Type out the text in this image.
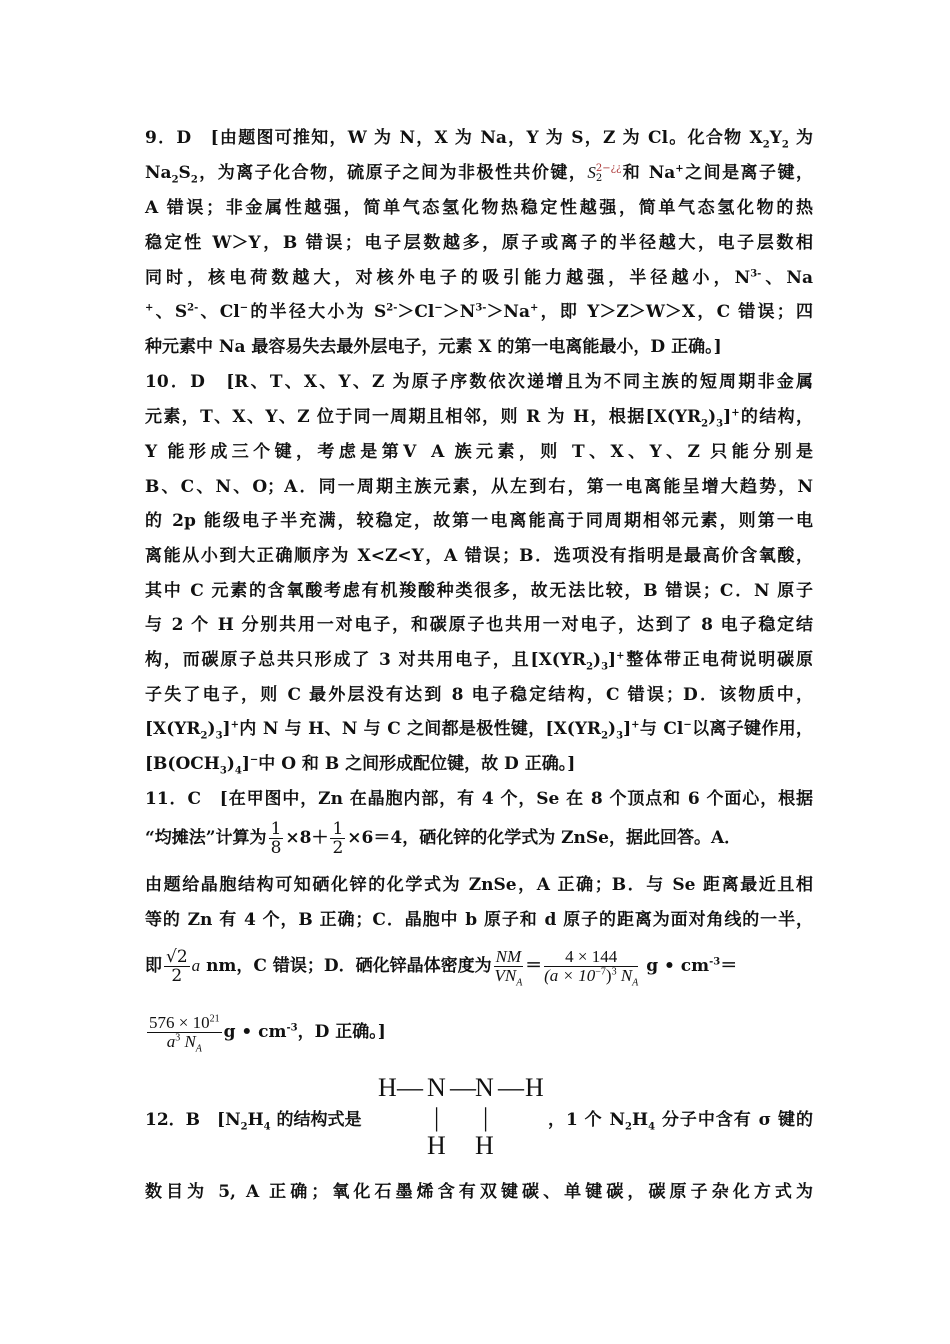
9．D　[由题图可推知，W 为 N，X 为 Na，Y 为 S，Z 为 Cl。化合物 $X_2Y_2$ 为
$Na_2S_2$，为离子化合物，硫原子之间为非极性共价键，S 2−¿¿
2	和 Na+之间是离子键，
A 错误；非金属性越强，简单气态氢化物热稳定性越强，简单气态氢化物的热
稳定性 W＞Y，B 错误；电子层数越多，原子或离子的半径越大，电子层数相
同时，核电荷数越大，对核外电子的吸引能力越强，半径越小，$N^{3-}$、Na
+、$S^{2-}$、Cl−的半径大小为 $S^{2-}>Cl^->N^{3-}>Na^+$，即 Y＞Z＞W＞X，C 错误；四
种元素中 Na 最容易失去最外层电子，元素 X 的第一电离能最小，D 正确。]
10．D　[R、T、X、Y、Z 为原子序数依次递增且为不同主族的短周期非金属
元素，T、X、Y、Z 位于同一周期且相邻，则 R 为 H，根据$[X(YR_2)_3]^+$的结构，
Y 能形成三个键，考虑是第Ⅴ A 族元素，则 T、X、Y、Z 只能分别是
B、C、N、O；A．同一周期主族元素，从左到右，第一电离能呈增大趋势，N
的 2p 能级电子半充满，较稳定，故第一电离能高于同周期相邻元素，则第一电
离能从小到大正确顺序为 X<Z<Y，A 错误；B．选项没有指明是最高价含氧酸，
其中 C 元素的含氧酸考虑有机羧酸种类很多，故无法比较，B 错误；C．N 原子
与 2 个 H 分别共用一对电子，和碳原子也共用一对电子，达到了 8 电子稳定结
构，而碳原子总共只形成了 3 对共用电子，且$[X(YR_2)_3]^+$整体带正电荷说明碳原
子失了电子，则 C 最外层没有达到 8 电子稳定结构，C 错误；D．该物质中，
$[X(YR_2)_3]^+$内 N 与 H、N 与 C 之间都是极性键，$[X(YR_2)_3]^+$与 Cl−以离子键作用，
$[B(OCH_3)_4]^-$中 O 和 B 之间形成配位键，故 D 正确。]
11．C　[在甲图中，Zn 在晶胞内部，有 4 个，Se 在 8 个顶点和 6 个面心，根据
“均摊法”计算为 $\frac{1}{8} \times 8+ \frac{1}{2} \times 6=4$，硒化锌的化学式为 ZnSe，据此回答。A．
由题给晶胞结构可知硒化锌的化学式为 ZnSe，A 正确；B．与 Se 距离最近且相
等的 Zn 有 4 个，B 正确；C．晶胞中 b 原子和 d 原子的距离为面对角线的一半，
即 $\frac{√2}{2}$ a nm，C 错误；D．硒化锌晶体密度为 $\frac{NM}{VN_A} = \frac{4 \times 144}{(a \times 10^{-7})^3 N_A}$ g • $cm^{-3}=$
$\frac{576 \times 10^{21}}{a^3 N_A}$ g • $cm^{-3}$，D 正确。]
12．B　[$N_2H_4$ 的结构式是	，1 个 $N_2H_4$ 分子中含有 σ 键的
H — N — N — H
| |
H H
数目为 5, A 正确；氧化石墨烯含有双键碳、单键碳，碳原子杂化方式为
